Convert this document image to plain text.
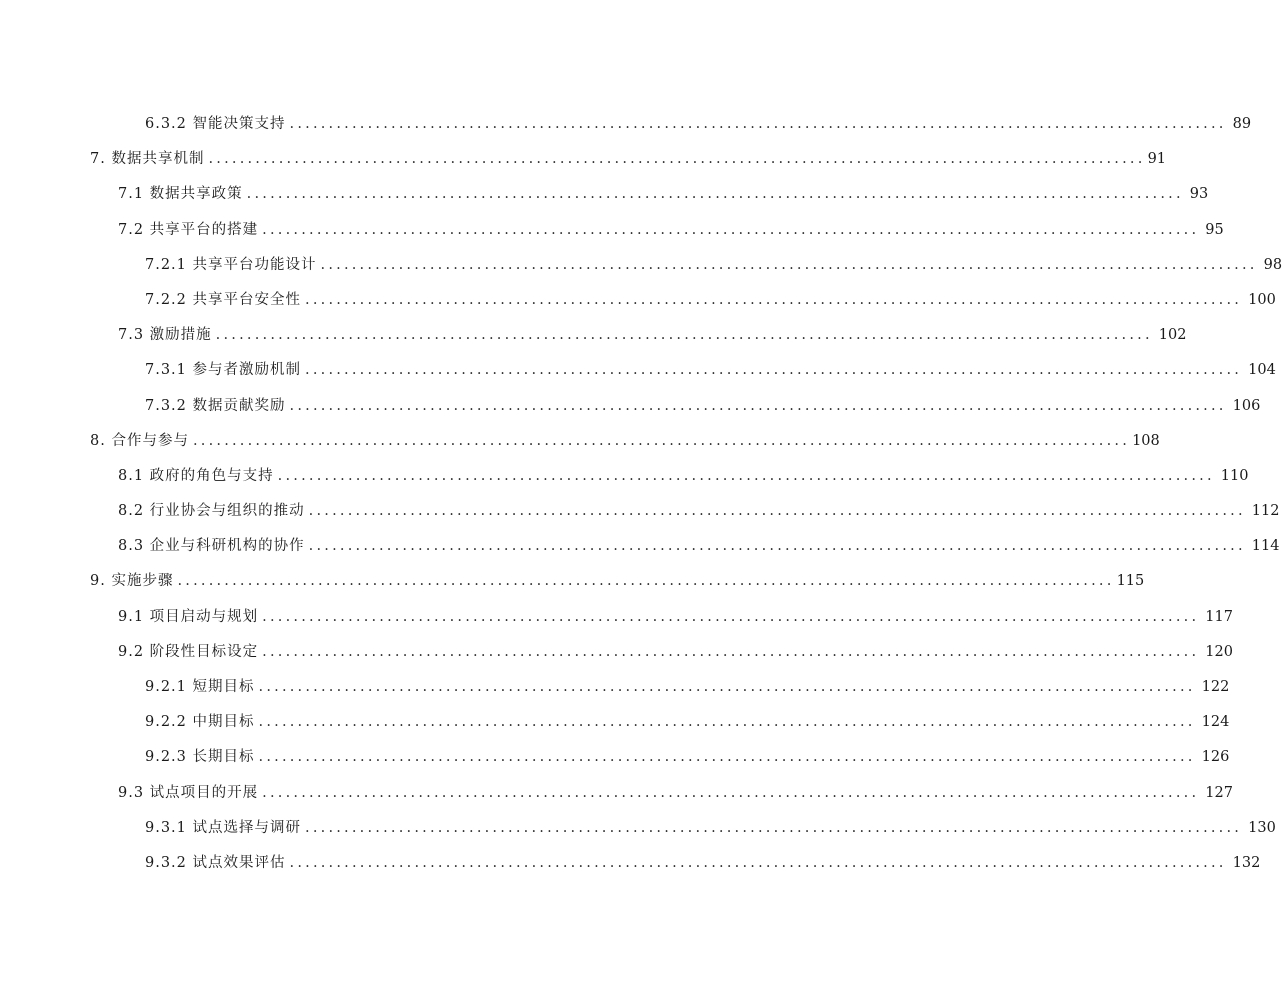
6.3.2 智能决策支持 ........................................................................................................................ 89
7. 数据共享机制 ........................................................................................................................ 91
7.1 数据共享政策 ........................................................................................................................ 93
7.2 共享平台的搭建 ........................................................................................................................ 95
7.2.1 共享平台功能设计 ........................................................................................................................ 98
7.2.2 共享平台安全性 ........................................................................................................................ 100
7.3 激励措施 ........................................................................................................................ 102
7.3.1 参与者激励机制 ........................................................................................................................ 104
7.3.2 数据贡献奖励 ........................................................................................................................ 106
8. 合作与参与 ........................................................................................................................ 108
8.1 政府的角色与支持 ........................................................................................................................ 110
8.2 行业协会与组织的推动 ........................................................................................................................ 112
8.3 企业与科研机构的协作 ........................................................................................................................ 114
9. 实施步骤 ........................................................................................................................ 115
9.1 项目启动与规划 ........................................................................................................................ 117
9.2 阶段性目标设定 ........................................................................................................................ 120
9.2.1 短期目标 ........................................................................................................................ 122
9.2.2 中期目标 ........................................................................................................................ 124
9.2.3 长期目标 ........................................................................................................................ 126
9.3 试点项目的开展 ........................................................................................................................ 127
9.3.1 试点选择与调研 ........................................................................................................................ 130
9.3.2 试点效果评估 ........................................................................................................................ 132
